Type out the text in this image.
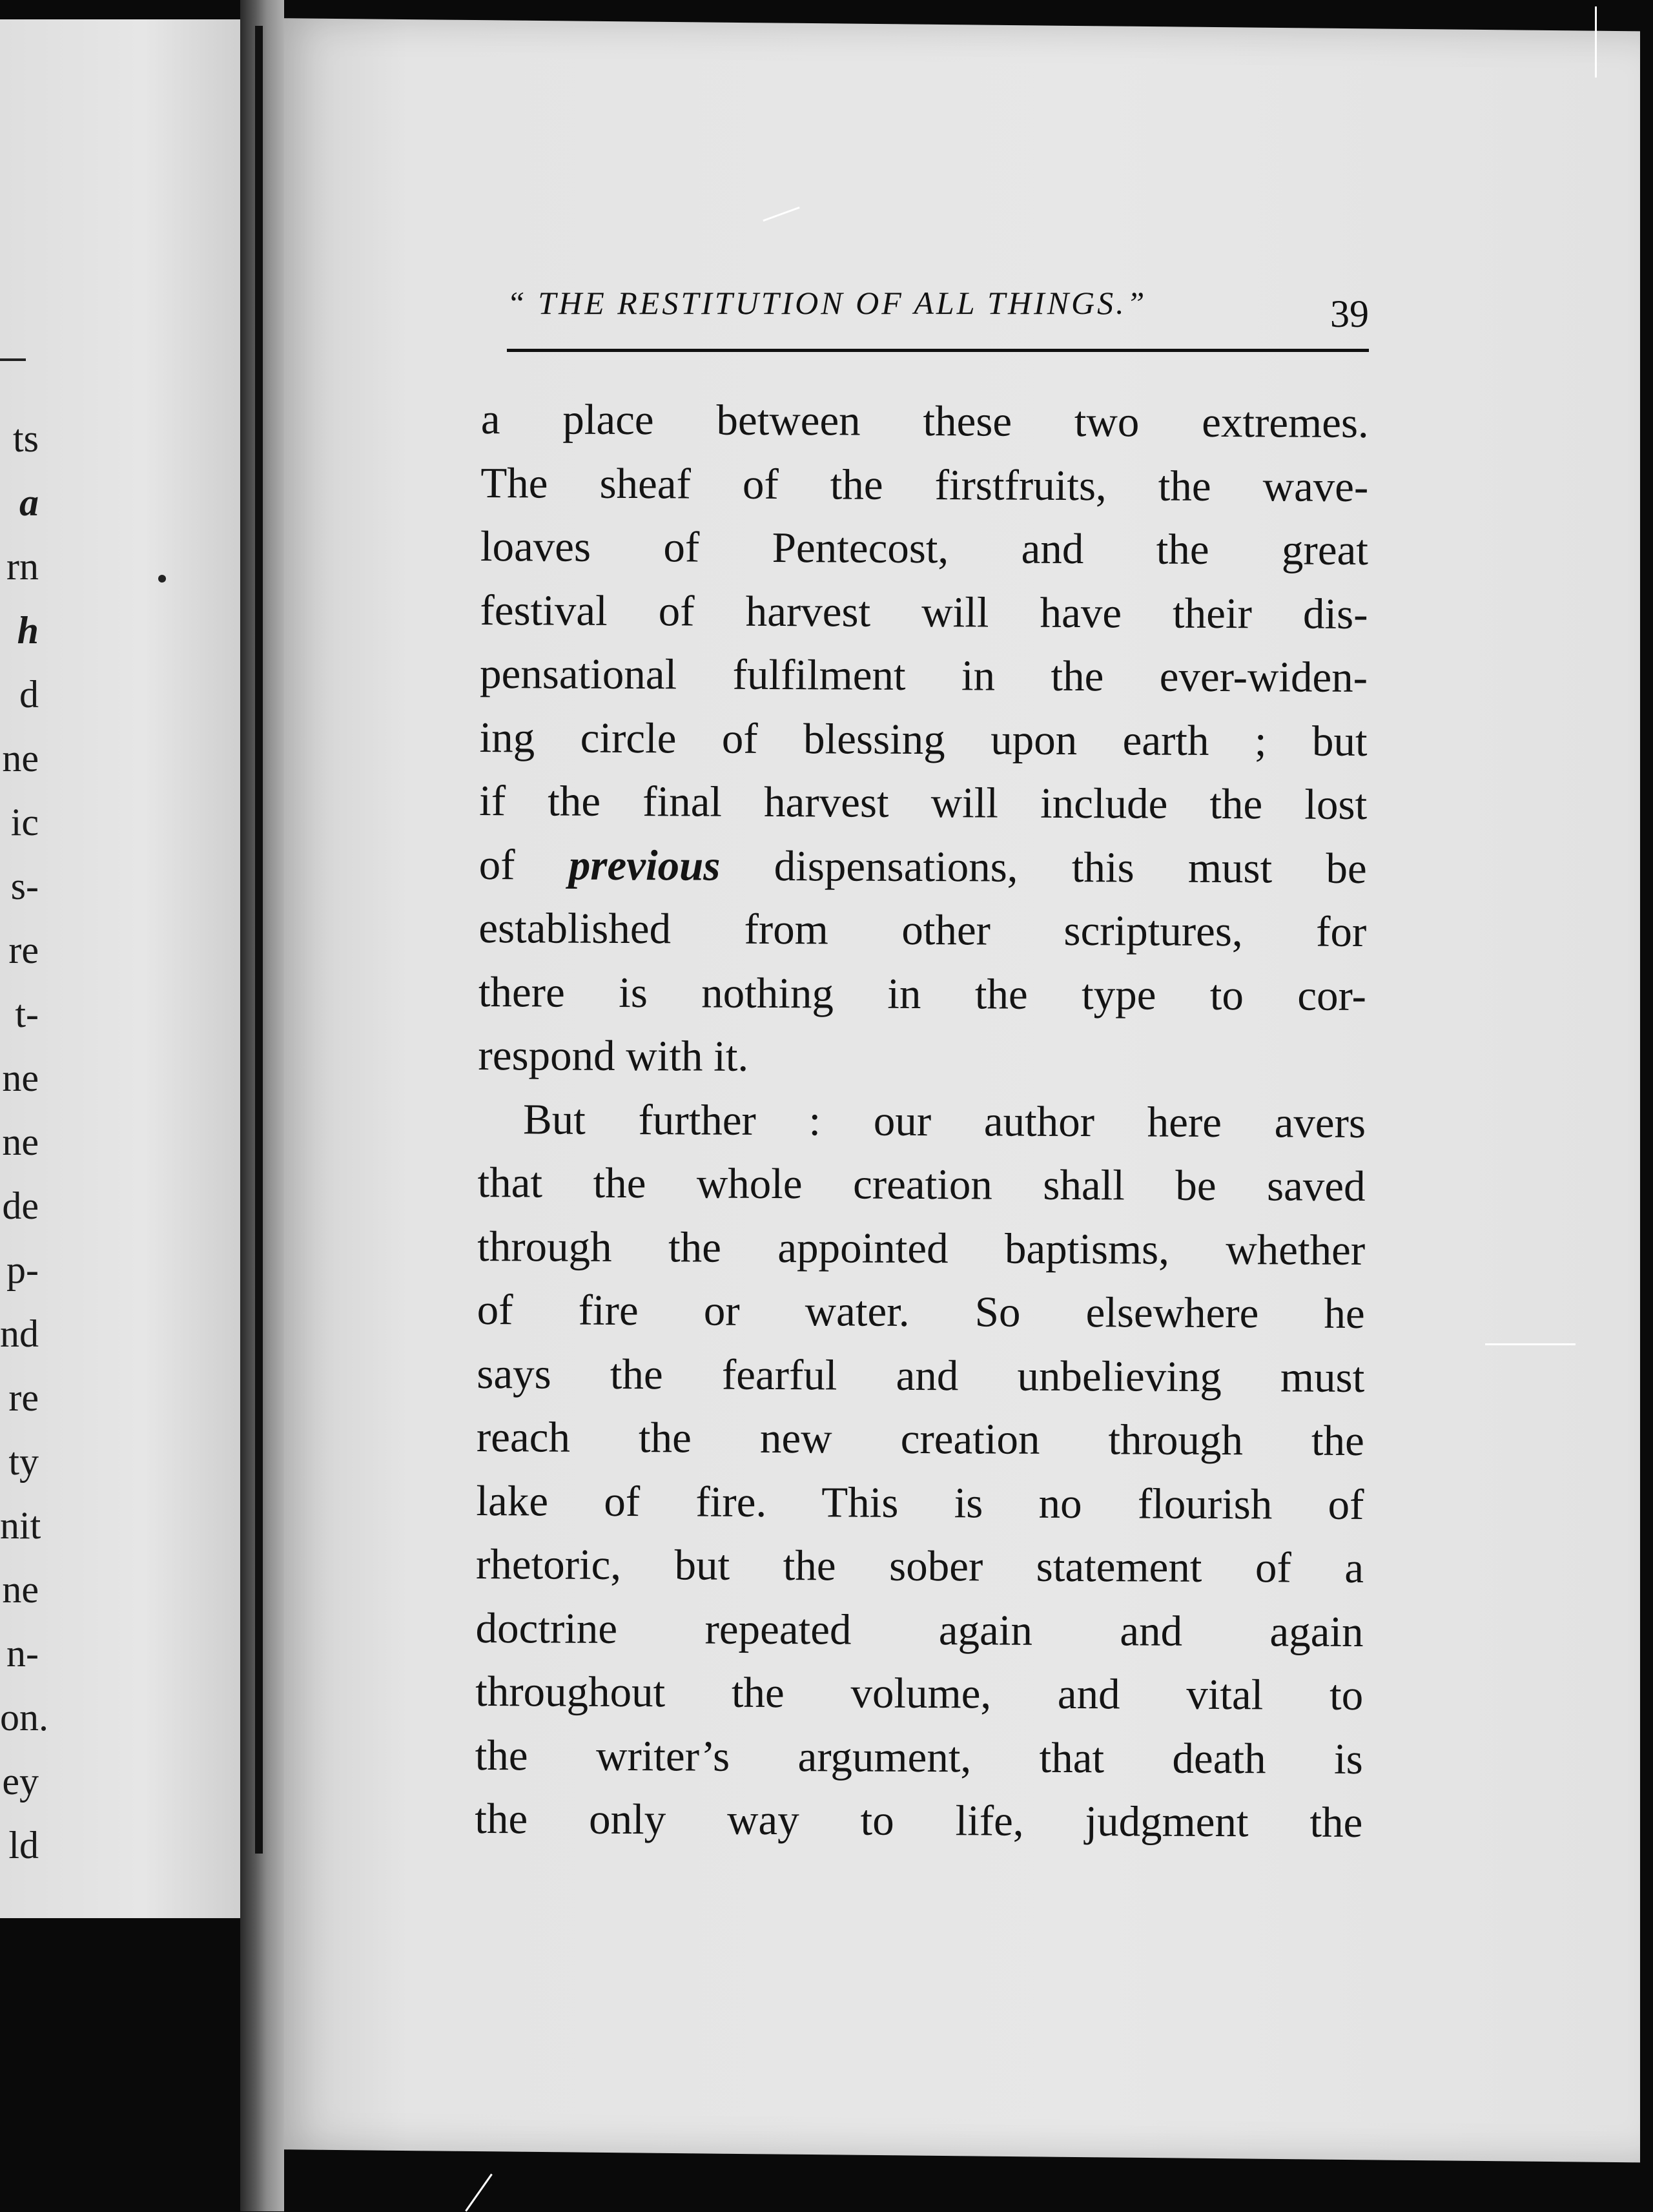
ts
a
rn
h
d
ne
ic
s-
re
t-
ne
ne
de
p-
nd
re
ty
nit
ne
n-
on.
ey
ld
“ THE RESTITUTION OF ALL THINGS.”	39
a place between these two extremes.
The sheaf of the firstfruits, the wave-
loaves of Pentecost, and the great
festival of harvest will have their dis-
pensational fulfilment in the ever-widen-
ing circle of blessing upon earth ; but
if the final harvest will include the lost
of previous dispensations, this must be
established from other scriptures, for
there is nothing in the type to cor-
respond with it.
But further : our author here avers
that the whole creation shall be saved
through the appointed baptisms, whether
of fire or water. So elsewhere he
says the fearful and unbelieving must
reach the new creation through the
lake of fire. This is no flourish of
rhetoric, but the sober statement of a
doctrine repeated again and again
throughout the volume, and vital to
the writer’s argument, that death is
the only way to life, judgment the
